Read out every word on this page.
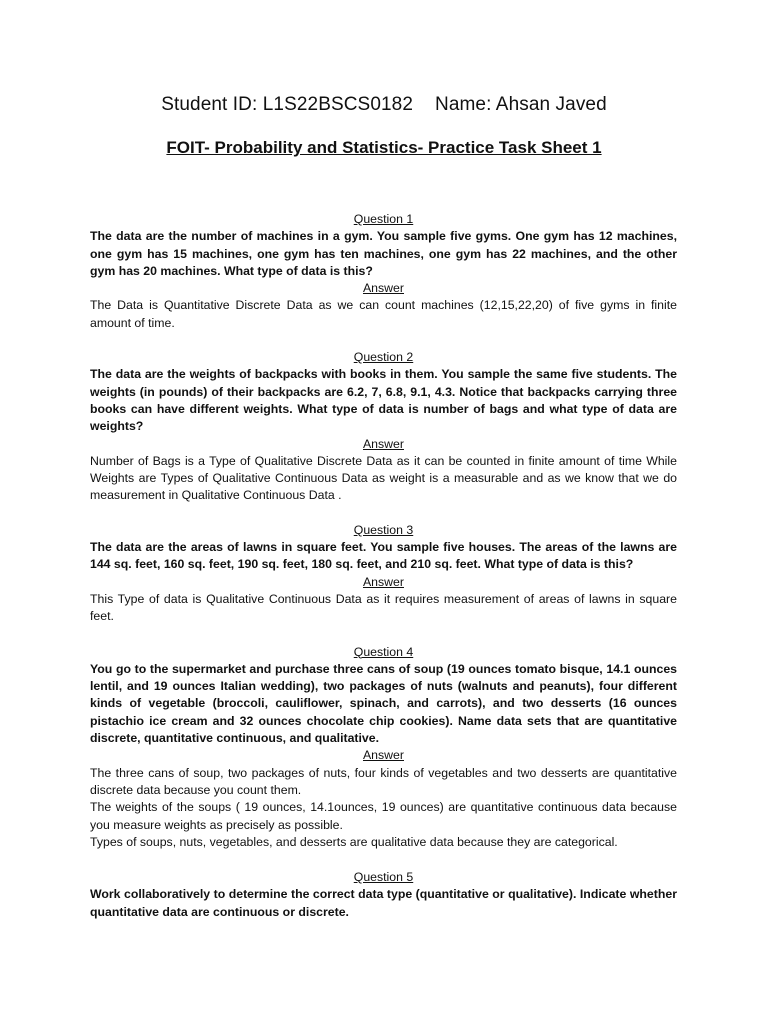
Student ID: L1S22BSCS0182 Name: Ahsan Javed
FOIT- Probability and Statistics- Practice Task Sheet 1

Question 1

The data are the number of machines in a gym. You sample five gyms. One gym has 12 machines, one gym has 15 machines, one gym has ten machines, one gym has 22 machines, and the other gym has 20 machines. What type of data is this?

Answer

The Data is Quantitative Discrete Data as we can count machines (12,15,22,20) of five gyms in finite amount of time.

Question 2

The data are the weights of backpacks with books in them. You sample the same five students. The weights (in pounds) of their backpacks are 6.2, 7, 6.8, 9.1, 4.3. Notice that backpacks carrying three books can have different weights. What type of data is number of bags and what type of data are weights?

Answer

Number of Bags is a Type of Qualitative Discrete Data as it can be counted in finite amount of time While Weights are Types of Qualitative Continuous Data as weight is a measurable and as we know that we do measurement in Qualitative Continuous Data .

Question 3

The data are the areas of lawns in square feet. You sample five houses. The areas of the lawns are 144 sq. feet, 160 sq. feet, 190 sq. feet, 180 sq. feet, and 210 sq. feet. What type of data is this?

Answer

This Type of data is Qualitative Continuous Data as it requires measurement of areas of lawns in square feet.

Question 4

You go to the supermarket and purchase three cans of soup (19 ounces tomato bisque, 14.1 ounces lentil, and 19 ounces Italian wedding), two packages of nuts (walnuts and peanuts), four different kinds of vegetable (broccoli, cauliflower, spinach, and carrots), and two desserts (16 ounces pistachio ice cream and 32 ounces chocolate chip cookies). Name data sets that are quantitative discrete, quantitative continuous, and qualitative.

Answer

The three cans of soup, two packages of nuts, four kinds of vegetables and two desserts are quantitative discrete data because you count them.

The weights of the soups ( 19 ounces, 14.1ounces, 19 ounces) are quantitative continuous data because you measure weights as precisely as possible.

Types of soups, nuts, vegetables, and desserts are qualitative data because they are categorical.

Question 5

Work collaboratively to determine the correct data type (quantitative or qualitative). Indicate whether quantitative data are continuous or discrete.
